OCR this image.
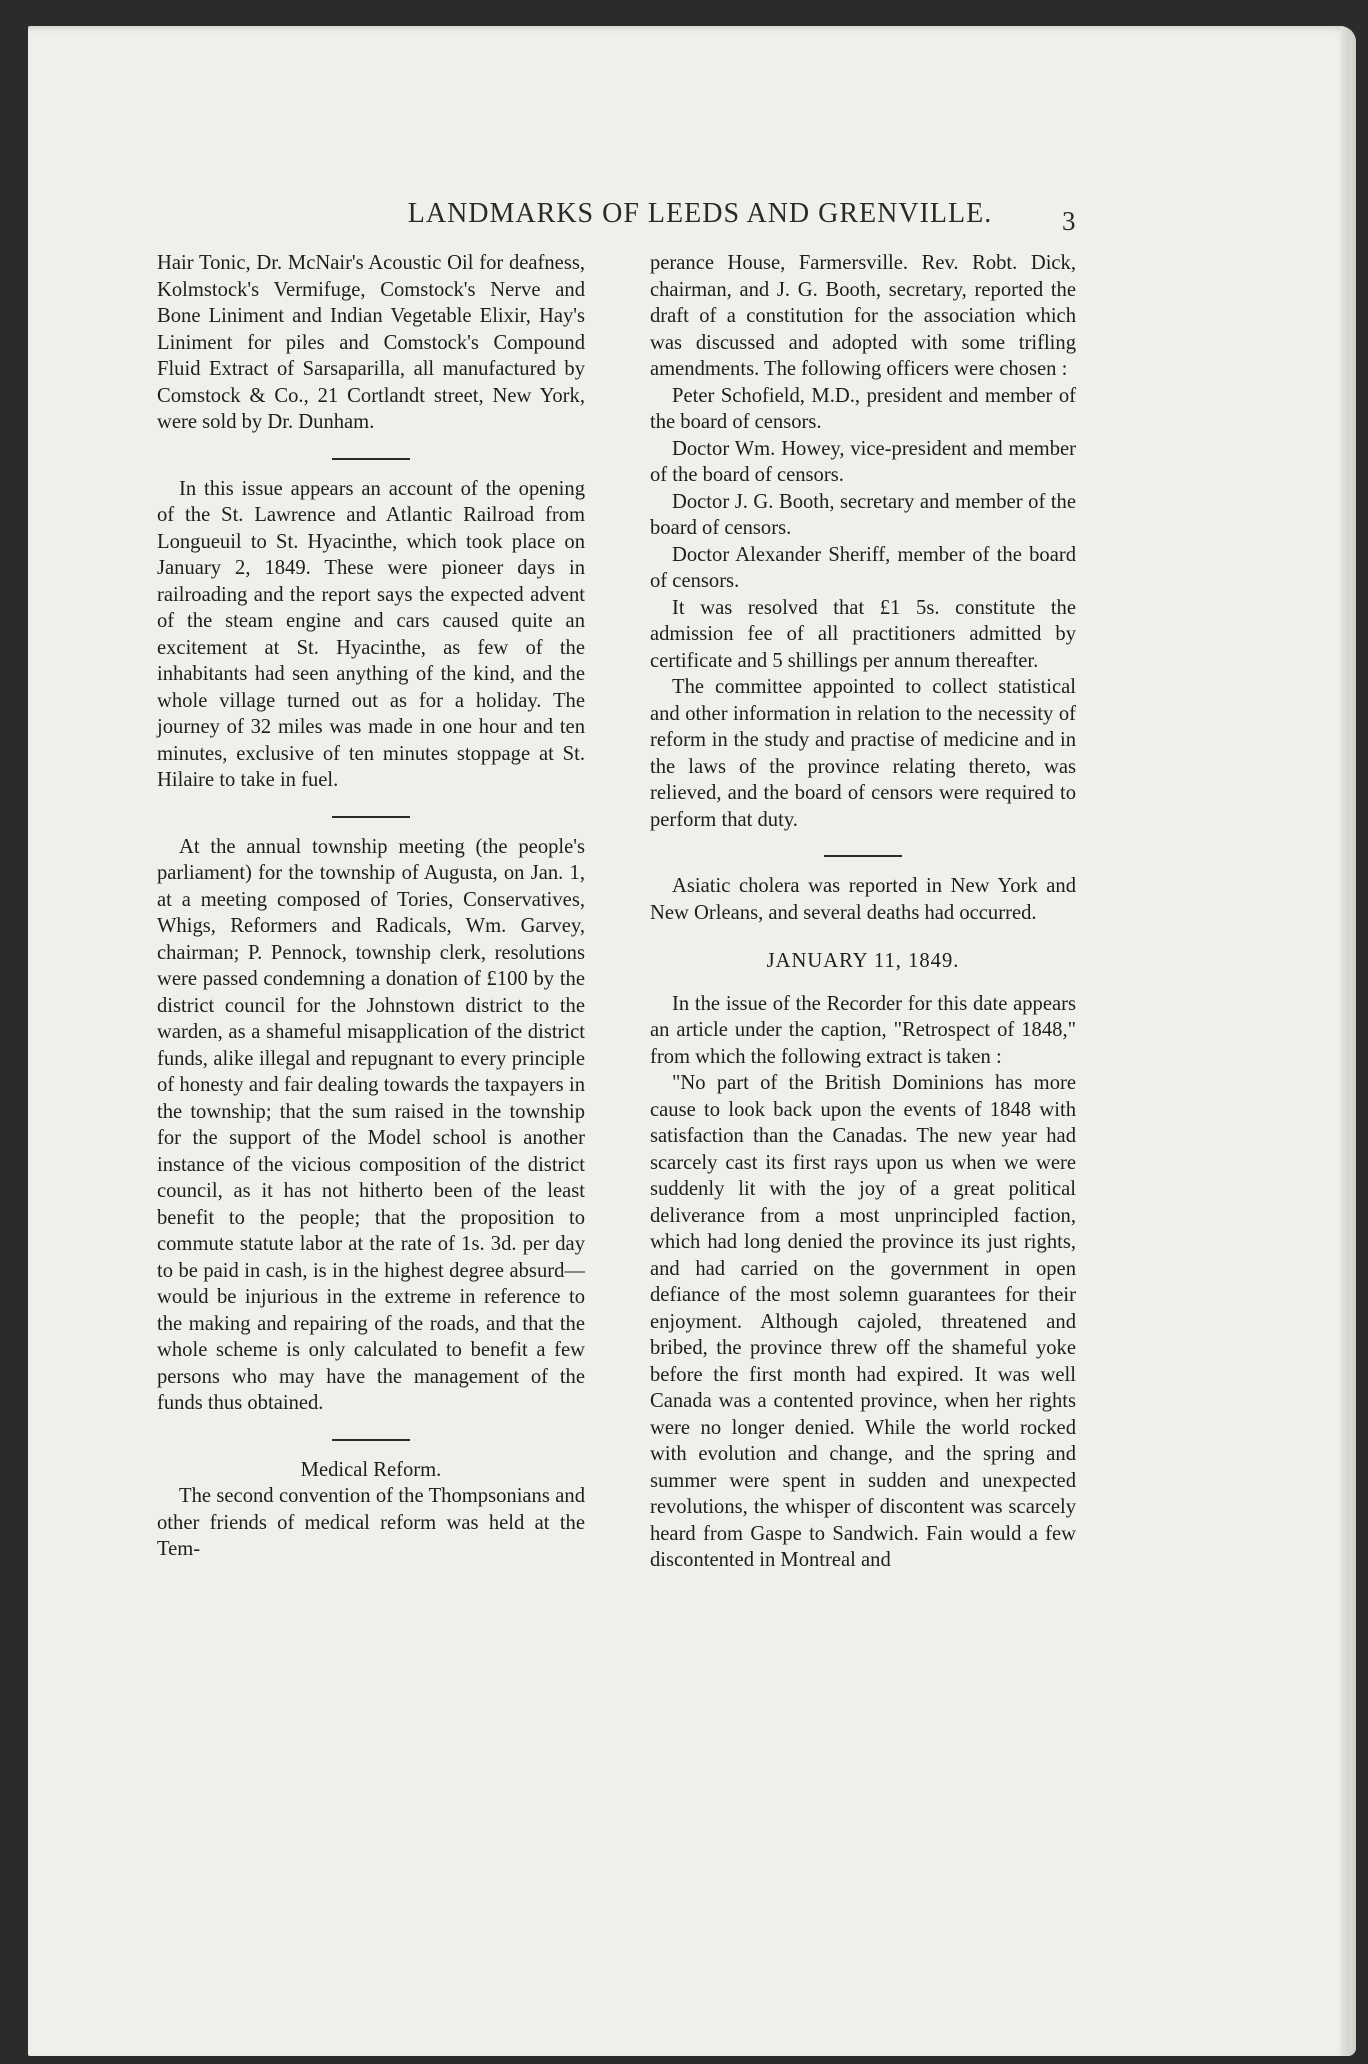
LANDMARKS OF LEEDS AND GRENVILLE.	3

Hair Tonic, Dr. McNair's Acoustic Oil for deafness, Kolmstock's Vermifuge, Comstock's Nerve and Bone Liniment and Indian Vegetable Elixir, Hay's Liniment for piles and Comstock's Compound Fluid Extract of Sarsaparilla, all manufactured by Comstock & Co., 21 Cortlandt street, New York, were sold by Dr. Dunham.

In this issue appears an account of the opening of the St. Lawrence and Atlantic Railroad from Longueuil to St. Hyacinthe, which took place on January 2, 1849. These were pioneer days in railroading and the report says the expected advent of the steam engine and cars caused quite an excitement at St. Hyacinthe, as few of the inhabitants had seen anything of the kind, and the whole village turned out as for a holiday. The journey of 32 miles was made in one hour and ten minutes, exclusive of ten minutes stoppage at St. Hilaire to take in fuel.

At the annual township meeting (the people's parliament) for the township of Augusta, on Jan. 1, at a meeting composed of Tories, Conservatives, Whigs, Reformers and Radicals, Wm. Garvey, chairman; P. Pennock, township clerk, resolutions were passed condemning a donation of £100 by the district council for the Johnstown district to the warden, as a shameful misapplication of the district funds, alike illegal and repugnant to every principle of honesty and fair dealing towards the taxpayers in the township; that the sum raised in the township for the support of the Model school is another instance of the vicious composition of the district council, as it has not hitherto been of the least benefit to the people; that the proposition to commute statute labor at the rate of 1s. 3d. per day to be paid in cash, is in the highest degree absurd—would be injurious in the extreme in reference to the making and repairing of the roads, and that the whole scheme is only calculated to benefit a few persons who may have the management of the funds thus obtained.

Medical Reform.

The second convention of the Thompsonians and other friends of medical reform was held at the Tem-

perance House, Farmersville. Rev. Robt. Dick, chairman, and J. G. Booth, secretary, reported the draft of a constitution for the association which was discussed and adopted with some trifling amendments. The following officers were chosen :

Peter Schofield, M.D., president and member of the board of censors.

Doctor Wm. Howey, vice-president and member of the board of censors.

Doctor J. G. Booth, secretary and member of the board of censors.

Doctor Alexander Sheriff, member of the board of censors.

It was resolved that £1 5s. constitute the admission fee of all practitioners admitted by certificate and 5 shillings per annum thereafter.

The committee appointed to collect statistical and other information in relation to the necessity of reform in the study and practise of medicine and in the laws of the province relating thereto, was relieved, and the board of censors were required to perform that duty.

Asiatic cholera was reported in New York and New Orleans, and several deaths had occurred.

JANUARY 11, 1849.

In the issue of the Recorder for this date appears an article under the caption, "Retrospect of 1848," from which the following extract is taken :

"No part of the British Dominions has more cause to look back upon the events of 1848 with satisfaction than the Canadas. The new year had scarcely cast its first rays upon us when we were suddenly lit with the joy of a great political deliverance from a most unprincipled faction, which had long denied the province its just rights, and had carried on the government in open defiance of the most solemn guarantees for their enjoyment. Although cajoled, threatened and bribed, the province threw off the shameful yoke before the first month had expired. It was well Canada was a contented province, when her rights were no longer denied. While the world rocked with evolution and change, and the spring and summer were spent in sudden and unexpected revolutions, the whisper of discontent was scarcely heard from Gaspe to Sandwich. Fain would a few discontented in Montreal and
